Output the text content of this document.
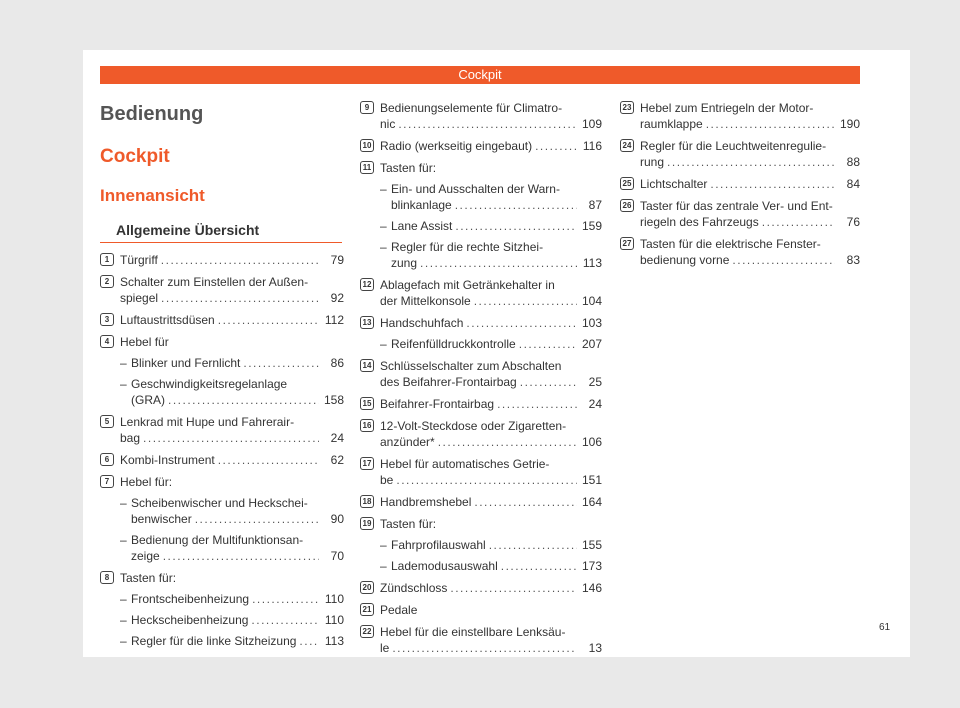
Cockpit
Bedienung
Cockpit
Innenansicht
Allgemeine Übersicht
1 Türgriff .....	79
2 Schalter zum Einstellen der Außen-
spiegel .....	92
3 Luftaustrittsdüsen .....	112
4 Hebel für
– Blinker und Fernlicht .....	86
– Geschwindigkeitsregelanlage
(GRA) .....	158
5 Lenkrad mit Hupe und Fahrerair-
bag .....	24
6 Kombi-Instrument .....	62
7 Hebel für:
– Scheibenwischer und Heckschei-
benwischer .....	90
– Bedienung der Multifunktionsan-
zeige .....	70
8 Tasten für:
– Frontscheibenheizung .....	110
– Heckscheibenheizung .....	110
– Regler für die linke Sitzheizung ..... 113
9 Bedienungselemente für Climatro-
nic .....	109
10 Radio (werkseitig eingebaut) .....	116
11 Tasten für:
– Ein- und Ausschalten der Warn-
blinkanlage .....	87
– Lane Assist .....	159
– Regler für die rechte Sitzhei-
zung .....	113
12 Ablagefach mit Getränkehalter in
der Mittelkonsole .....	104
13 Handschuhfach .....	103
– Reifenfülldruckkontrolle .....	207
14 Schlüsselschalter zum Abschalten
des Beifahrer-Frontairbag .....	25
15 Beifahrer-Frontairbag .....	24
16 12-Volt-Steckdose oder Zigaretten-
anzünder* .....	106
17 Hebel für automatisches Getrie-
be .....	151
18 Handbremshebel .....	164
19 Tasten für:
– Fahrprofilauswahl .....	155
– Lademodusauswahl .....	173
20 Zündschloss .....	146
21 Pedale
22 Hebel für die einstellbare Lenksäu-
le .....	13
23 Hebel zum Entriegeln der Motor-
raumklappe .....	190
24 Regler für die Leuchtweitenregulie-
rung .....	88
25 Lichtschalter .....	84
26 Taster für das zentrale Ver- und Ent-
riegeln des Fahrzeugs .....	76
27 Tasten für die elektrische Fenster-
bedienung vorne .....	83
61
